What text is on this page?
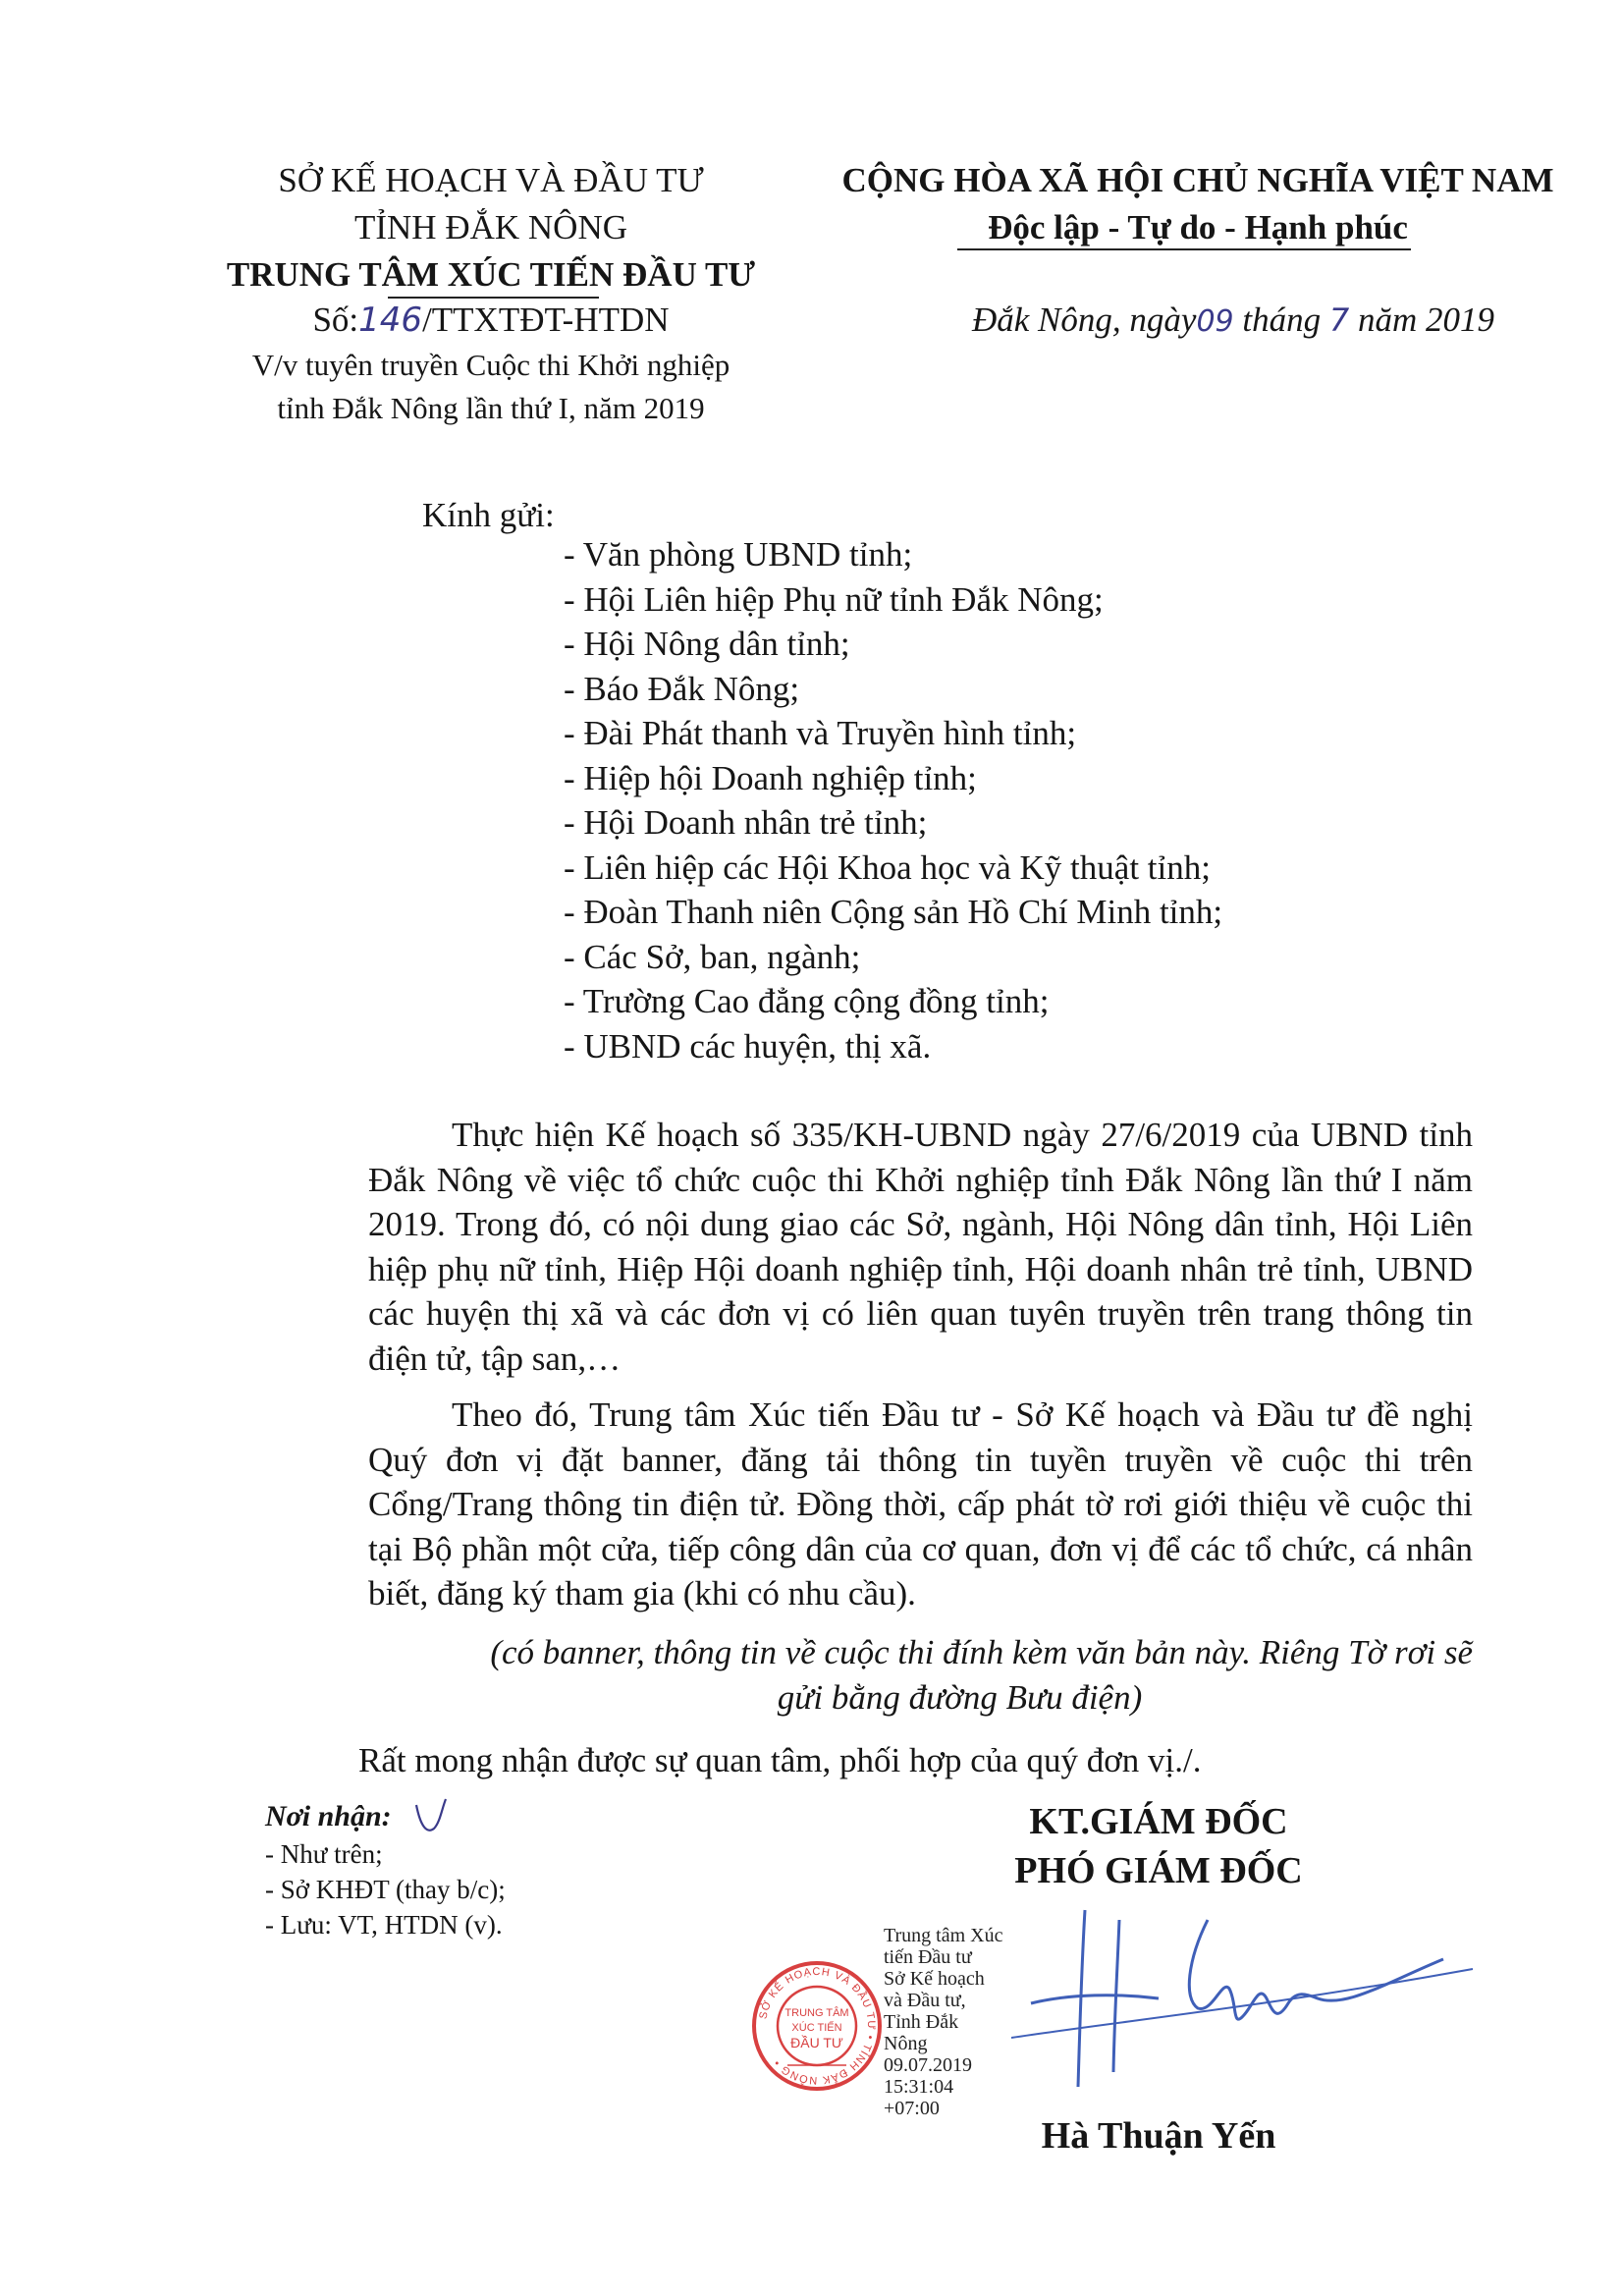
SỞ KẾ HOẠCH VÀ ĐẦU TƯ
TỈNH ĐẮK NÔNG
TRUNG TÂM XÚC TIẾN ĐẦU TƯ
Số:146/TTXTĐT-HTDN
V/v tuyên truyền Cuộc thi Khởi nghiệp
tỉnh Đắk Nông lần thứ I, năm 2019
CỘNG HÒA XÃ HỘI CHỦ NGHĨA VIỆT NAM
Độc lập - Tự do - Hạnh phúc
Đắk Nông, ngày09 tháng 7 năm 2019
Kính gửi:
- Văn phòng UBND tỉnh;
- Hội Liên hiệp Phụ nữ tỉnh Đắk Nông;
- Hội Nông dân tỉnh;
- Báo Đắk Nông;
- Đài Phát thanh và Truyền hình tỉnh;
- Hiệp hội Doanh nghiệp tỉnh;
- Hội Doanh nhân trẻ tỉnh;
- Liên hiệp các Hội Khoa học và Kỹ thuật tỉnh;
- Đoàn Thanh niên Cộng sản Hồ Chí Minh tỉnh;
- Các Sở, ban, ngành;
- Trường Cao đẳng cộng đồng tỉnh;
- UBND các huyện, thị xã.
Thực hiện Kế hoạch số 335/KH-UBND ngày 27/6/2019 của UBND tỉnh Đắk Nông về việc tổ chức cuộc thi Khởi nghiệp tỉnh Đắk Nông lần thứ I năm 2019. Trong đó, có nội dung giao các Sở, ngành, Hội Nông dân tỉnh, Hội Liên hiệp phụ nữ tỉnh, Hiệp Hội doanh nghiệp tỉnh, Hội doanh nhân trẻ tỉnh, UBND các huyện thị xã và các đơn vị có liên quan tuyên truyền trên trang thông tin điện tử, tập san,…
Theo đó, Trung tâm Xúc tiến Đầu tư - Sở Kế hoạch và Đầu tư đề nghị Quý đơn vị đặt banner, đăng tải thông tin tuyền truyền về cuộc thi trên Cổng/Trang thông tin điện tử. Đồng thời, cấp phát tờ rơi giới thiệu về cuộc thi tại Bộ phần một cửa, tiếp công dân của cơ quan, đơn vị để các tổ chức, cá nhân biết, đăng ký tham gia (khi có nhu cầu).
(có banner, thông tin về cuộc thi đính kèm văn bản này. Riêng Tờ rơi sẽ
gửi bằng đường Bưu điện)
Rất mong nhận được sự quan tâm, phối hợp của quý đơn vị./.
Nơi nhận:
- Như trên;
- Sở KHĐT (thay b/c);
- Lưu: VT, HTDN (v).
KT.GIÁM ĐỐC
PHÓ GIÁM ĐỐC
SỞ KẾ HOẠCH VÀ ĐẦU TƯ • TỈNH ĐẮK NÔNG •
TRUNG TÂM
XÚC TIẾN
ĐẦU TƯ
Trung tâm Xúc
tiến Đầu tư
Sở Kế hoạch
và Đầu tư,
Tỉnh Đắk
Nông
09.07.2019
15:31:04
+07:00
Hà Thuận Yến
